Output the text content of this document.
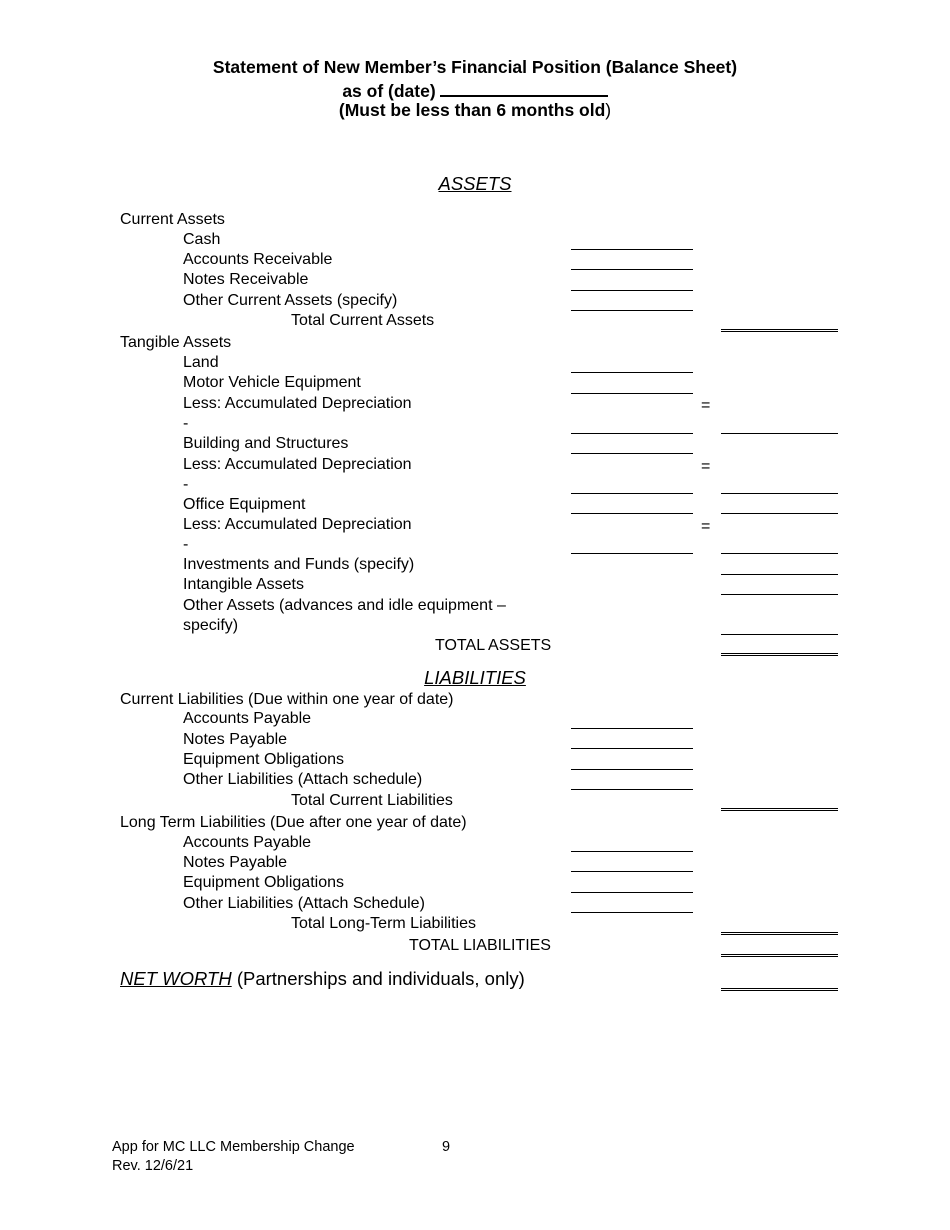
Statement of New Member’s Financial Position (Balance Sheet)
as of (date)
(Must be less than 6 months old)
ASSETS
Current Assets
Cash
Accounts Receivable
Notes Receivable
Other Current Assets (specify)
Total Current Assets
Tangible Assets
Land
Motor Vehicle Equipment
Less: Accumulated Depreciation
-
Building and Structures
Less: Accumulated Depreciation
-
Office Equipment
Less: Accumulated Depreciation
-
Investments and Funds (specify)
Intangible Assets
Other Assets (advances and idle equipment –
specify)
TOTAL ASSETS
=
=
=
LIABILITIES
Current Liabilities (Due within one year of date)
Accounts Payable
Notes Payable
Equipment Obligations
Other Liabilities (Attach schedule)
Total Current Liabilities
Long Term Liabilities (Due after one year of date)
Accounts Payable
Notes Payable
Equipment Obligations
Other Liabilities (Attach Schedule)
Total Long-Term Liabilities
TOTAL LIABILITIES
NET WORTH (Partnerships and individuals, only)
App for MC LLC Membership Change	9
Rev. 12/6/21
